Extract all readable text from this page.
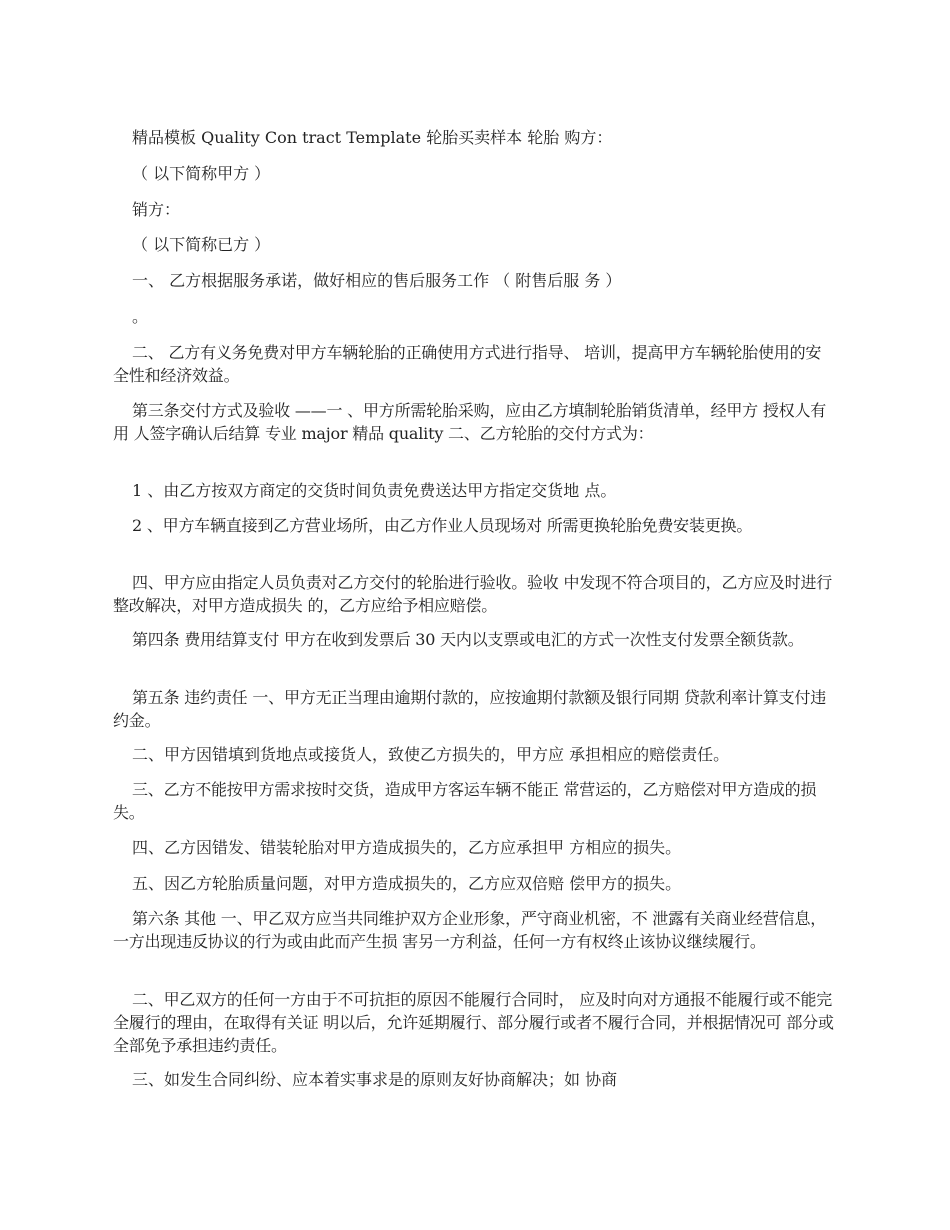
精品模板 Quality Con tract Template 轮胎买卖样本 轮胎 购方：

（ 以下简称甲方 ）

销方：

（ 以下简称已方 ）

一、 乙方根据服务承诺，做好相应的售后服务工作 （ 附售后服 务 ）

。

二、 乙方有义务免费对甲方车辆轮胎的正确使用方式进行指导、 培训，提高甲方车辆轮胎使用的安全性和经济效益。

第三条交付方式及验收 ——一 、甲方所需轮胎采购，应由乙方填制轮胎销货清单，经甲方 授权人有用 人签字确认后结算 专业 major 精品 quality 二、乙方轮胎的交付方式为：

1 、由乙方按双方商定的交货时间负责免费送达甲方指定交货地 点。

2 、甲方车辆直接到乙方营业场所，由乙方作业人员现场对 所需更换轮胎免费安装更换。

四、甲方应由指定人员负责对乙方交付的轮胎进行验收。验收 中发现不符合项目的，乙方应及时进行整改解决，对甲方造成损失 的，乙方应给予相应赔偿。

第四条 费用结算支付 甲方在收到发票后 30 天内以支票或电汇的方式一次性支付发票全额货款。

第五条 违约责任 一、甲方无正当理由逾期付款的，应按逾期付款额及银行同期 贷款利率计算支付违约金。

二、甲方因错填到货地点或接货人，致使乙方损失的，甲方应 承担相应的赔偿责任。

三、乙方不能按甲方需求按时交货，造成甲方客运车辆不能正 常营运的，乙方赔偿对甲方造成的损失。

四、乙方因错发、错装轮胎对甲方造成损失的，乙方应承担甲 方相应的损失。

五、因乙方轮胎质量问题，对甲方造成损失的，乙方应双倍赔 偿甲方的损失。

第六条 其他 一、甲乙双方应当共同维护双方企业形象，严守商业机密，不 泄露有关商业经营信息，一方出现违反协议的行为或由此而产生损 害另一方利益，任何一方有权终止该协议继续履行。

二、甲乙双方的任何一方由于不可抗拒的原因不能履行合同时， 应及时向对方通报不能履行或不能完全履行的理由，在取得有关证 明以后，允许延期履行、部分履行或者不履行合同，并根据情况可 部分或全部免予承担违约责任。

三、如发生合同纠纷、应本着实事求是的原则友好协商解决；如 协商
